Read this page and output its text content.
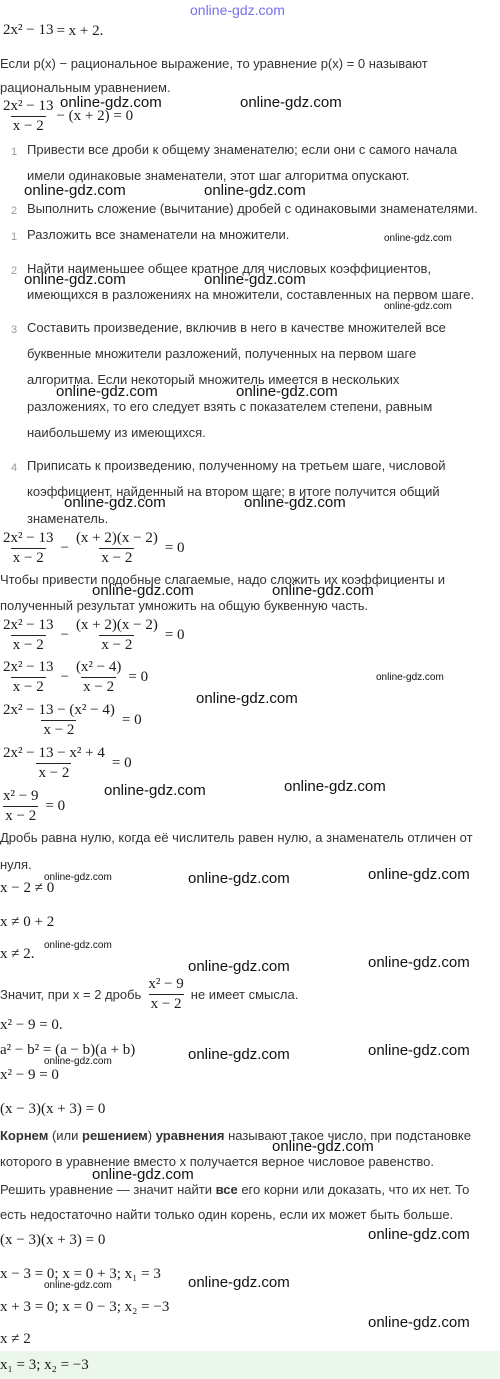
online-gdz.com
2x² − 13 = x + 2.
Если p(x) − рациональное выражение, то уравнение p(x) = 0 называют
рациональным уравнением.
$\frac{\text{2x² − 13}}{x - 2} - (x + 2) = 0$
1 Привести все дроби к общему знаменателю; если они с самого начала
имели одинаковые знаменатели, этот шаг алгоритма опускают.
2 Выполнить сложение (вычитание) дробей с одинаковыми знаменателями.
1 Разложить все знаменатели на множители.
2 Найти наименьшее общее кратное для числовых коэффициентов,
имеющихся в разложениях на множители, составленных на первом шаге.
3 Составить произведение, включив в него в качестве множителей все
буквенные множители разложений, полученных на первом шаге
алгоритма. Если некоторый множитель имеется в нескольких
разложениях, то его следует взять с показателем степени, равным
наибольшему из имеющихся.
4 Приписать к произведению, полученному на третьем шаге, числовой
коэффициент, найденный на втором шаге; в итоге получится общий
знаменатель.
$\frac{\text{2x² − 13}}{x - 2} - \frac{(x + 2)(x - 2)}{x - 2} = 0$
Чтобы привести подобные слагаемые, надо сложить их коэффициенты и
полученный результат умножить на общую буквенную часть.
$\frac{\text{2x² − 13}}{x - 2} - \frac{(x + 2)(x - 2)}{x - 2} = 0$
$\frac{\text{2x² − 13}}{x - 2} - \frac{\text{(x² − 4)}}{x - 2} = 0$
$\frac{\text{2x² − 13 − (x² − 4)}}{x - 2} = 0$
$\frac{\text{2x² − 13 − x² + 4}}{x - 2} = 0$
$\frac{\text{x² − 9}}{x - 2} = 0$
Дробь равна нулю, когда её числитель равен нулю, а знаменатель отличен от
нуля.
x − 2 ≠ 0
x ≠ 0 + 2
x ≠ 2.
Значит, при x = 2 дробь $\frac{\text{x² − 9}}{x - 2}$ не имеет смысла.
x² − 9 = 0.
a² − b² = (a − b)(a + b)
x² − 9 = 0
(x − 3)(x + 3) = 0
Корнем (или решением) уравнения называют такое число, при подстановке
которого в уравнение вместо x получается верное числовое равенство.
Решить уравнение — значит найти все его корни или доказать, что их нет. То
есть недостаточно найти только один корень, если их может быть больше.
(x − 3)(x + 3) = 0
x − 3 = 0; x = 0 + 3; x₁ = 3
x + 3 = 0; x = 0 − 3; x₂ = −3
x ≠ 2
x₁ = 3; x₂ = −3
online-gdz.com	online-gdz.com
online-gdz.com	online-gdz.com
online-gdz.com
online-gdz.com	online-gdz.com
online-gdz.com
online-gdz.com	online-gdz.com
online-gdz.com	online-gdz.com
online-gdz.com	online-gdz.com
online-gdz.com
online-gdz.com
online-gdz.com
online-gdz.com
online-gdz.com	online-gdz.com	online-gdz.com
online-gdz.com
online-gdz.com	online-gdz.com
online-gdz.com	online-gdz.com
online-gdz.com
online-gdz.com
online-gdz.com
online-gdz.com
online-gdz.com
online-gdz.com
online-gdz.com
